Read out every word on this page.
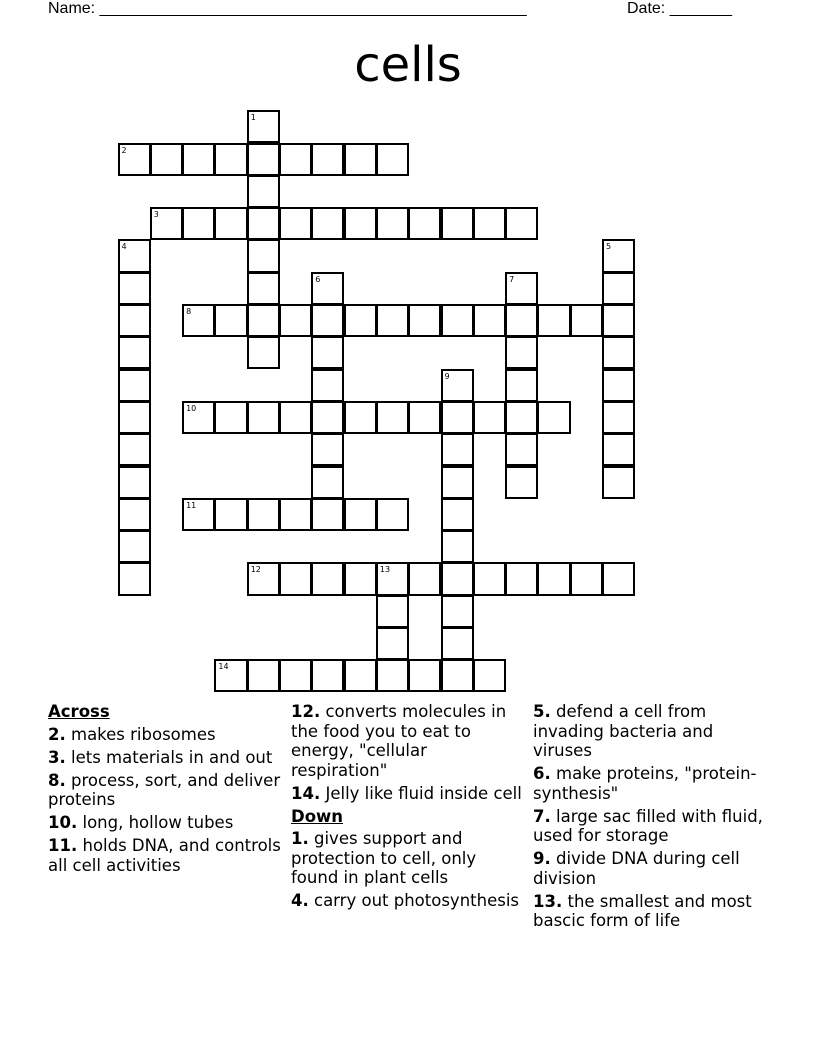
Name: ________________________________________________	Date: _______
cells
1
2
3
4	5
6	7
8
9
10
11
12	13
14
Across
2. makes ribosomes
3. lets materials in and out
8. process, sort, and deliver proteins
10. long, hollow tubes
11. holds DNA, and controls all cell activities
12. converts molecules in the food you to eat to energy, "cellular respiration"
14. Jelly like fluid inside cell
Down
1. gives support and protection to cell, only found in plant cells
4. carry out photosynthesis
5. defend a cell from invading bacteria and viruses
6. make proteins, "protein-synthesis"
7. large sac filled with fluid, used for storage
9. divide DNA during cell division
13. the smallest and most bascic form of life
